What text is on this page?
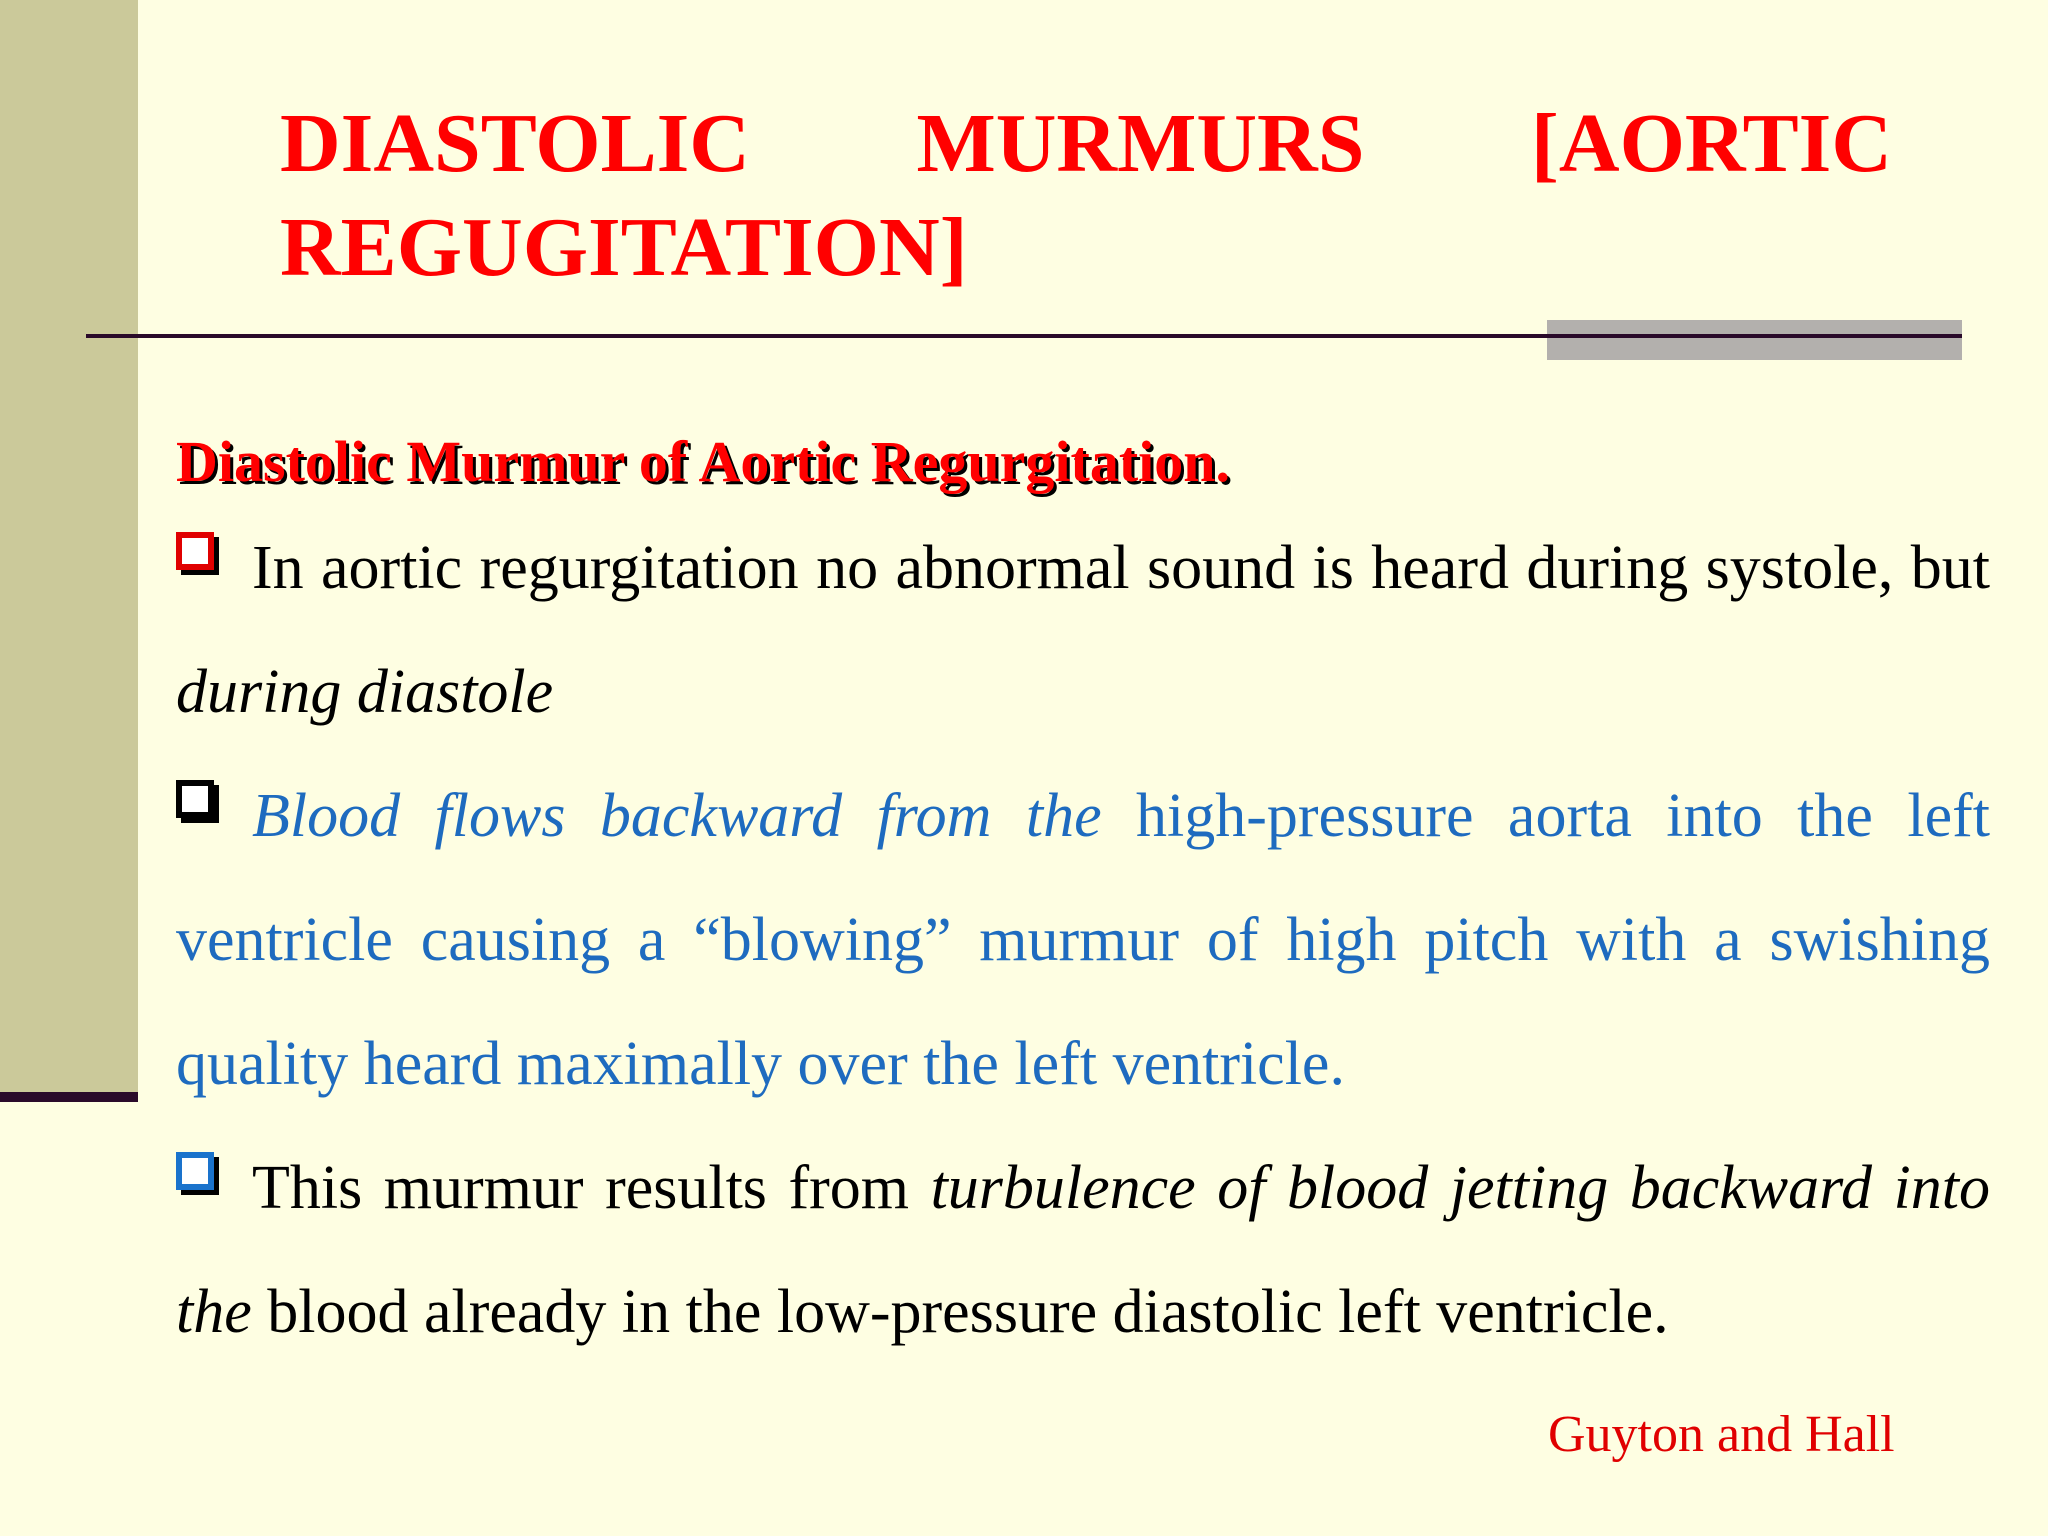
DIASTOLIC MURMURS [AORTIC REGUGITATION]

Diastolic Murmur of Aortic Regurgitation.

In aortic regurgitation no abnormal sound is heard during systole, but during diastole

Blood flows backward from the high-pressure aorta into the left ventricle causing a “blowing” murmur of high pitch with a swishing quality heard maximally over the left ventricle.

This murmur results from turbulence of blood jetting backward into the blood already in the low-pressure diastolic left ventricle.

Guyton and Hall
